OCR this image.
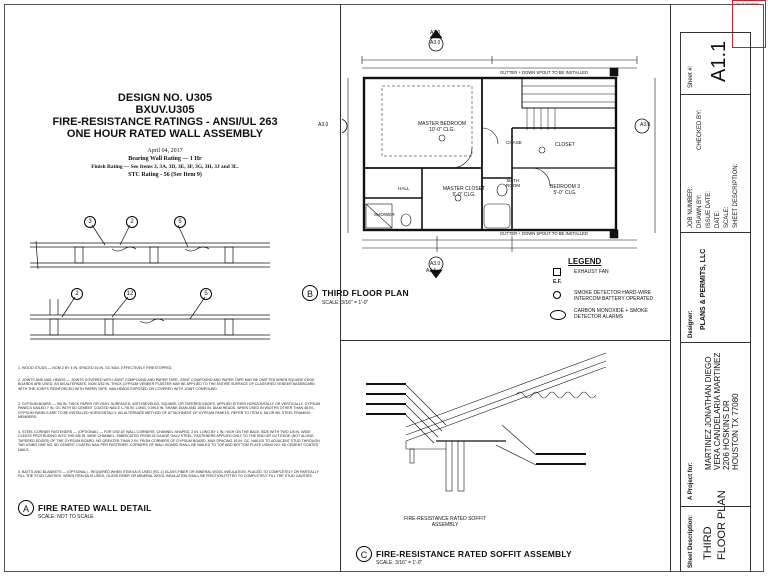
DESIGN NO. U305
BXUV.U305
FIRE-RESISTANCE RATINGS - ANSI/UL 263
ONE HOUR RATED WALL ASSEMBLY
April 04, 2017
Bearing Wall Rating — 1 Hr
Finish Rating — See Items 3, 3A, 3D, 3E, 3F, 3G, 3H, 3J and 3L.
STC Rating - 56 (See Item 9)
3	2	5
2	12	5
1. WOOD STUDS — NOM 2 BY 4 IN. SPACED 16 IN. OC MAX. EFFECTIVELY FIRESTOPPED.
2. JOINTS AND NAIL HEADS — JOINTS COVERED WITH JOINT COMPOUND AND PAPER TAPE. JOINT COMPOUND AND PAPER TAPE MAY BE OMITTED WHEN SQUARE EDGE BOARDS ARE USED. AS AN ALTERNATE, NOM 3/32 IN. THICK GYPSUM VENEER PLASTER MAY BE APPLIED TO THE ENTIRE SURFACE OF CLASSIFIED VENEER BASEBOARD WITH THE JOINTS REINFORCED WITH PAPER TAPE. NAILHEADS EXPOSED OR COVERED WITH JOINT COMPOUND.
3. GYPSUM BOARD — 5/8 IN. THICK PAPER OR VINYL SURFACED, WITH BEVELED, SQUARE, OR TAPERED EDGES, APPLIED EITHER HORIZONTALLY OR VERTICALLY. GYPSUM PANELS NAILED 7 IN. OC WITH 6D CEMENT COATED NAILS 1-7/8 IN. LONG, 0.0915 IN. SHANK DIAM AND 15/64 IN. DIAM HEADS. WHEN USED IN WIDTHS OTHER THAN 48 IN., GYPSUM PANELS ARE TO BE INSTALLED HORIZONTALLY. AN ALTERNATE METHOD OF ATTACHMENT OF GYPSUM PANELS, REFER TO ITEM 6, 6A OR 6B, STEEL FRAMING MEMBERS.
4. STEEL CORNER FASTENERS — (OPTIONAL) — FOR USE AT WALL CORNERS. CHANNEL SHAPED, 2 IN. LONG BY 1 IN. HIGH ON THE BACK SIDE WITH TWO 1/8 IN. WIDE CLEATS PROTRUDING INTO THE 5/8 IN. WIDE CHANNEL, FABRICATED FROM 24 GAUGE GALV STEEL. FASTENERS APPLIED ONLY TO THE END OR CUT EDGE (NOT ALONG TAPERED EDGES) OF THE GYPSUM BOARD, NO GREATER THAN 2 IN. FROM CORNERS OF GYPSUM BOARD, MAX SPACING 16 IN. OC. NAILED TO ADJACENT STUD THROUGH TAB USING ONE NO. 6D CEMENT COATED NAIL PER FASTENER. CORNERS OF WALL BOARD SHALL BE NAILED TO TOP AND BOTTOM PLATE USING NO. 6D CEMENT COATED NAILS.
5. BATTS AND BLANKETS — (OPTIONAL) - REQUIRED WHEN ITEM 6A IS USED (RC-1) GLASS FIBER OR MINERAL WOOL INSULATION. PLACED TO COMPLETELY OR PARTIALLY FILL THE STUD CAVITIES. WHEN ITEM 6A IS USED, GLASS FIBER OR MINERAL WOOL INSULATION SHALL BE FRICTION-FITTED TO COMPLETELY FILL THE STUD CAVITIES.
A	FIRE RATED WALL DETAIL
SCALE: NOT TO SCALE
GUTTER + DOWN SPOUT TO BE INSTALLED
GUTTER + DOWN SPOUT TO BE INSTALLED
MASTER BEDROOM
10'-0" CLG.
MASTER CLOSET
5'-0" CLG.
BATH ROOM	BEDROOM 3
5'-0" CLG.
CLOSET
SHOWER
HALL
CHASE
A3.0
A3.0
A3.0	A3.0
A3.0
A1.1
B	THIRD FLOOR PLAN
SCALE: 3/16" = 1'-0"
LEGEND
EXHAUST FAN
E.F.
SMOKE DETECTOR HARD-WIRE INTERCOM BATTERY OPERATED
CARBON MONOXIDE + SMOKE DETECTOR ALARMS
FIRE-RESISTANCE RATED SOFFIT ASSEMBLY
C	FIRE-RESISTANCE RATED SOFFIT ASSEMBLY
SCALE: 3/16" = 1'-0"
City of Houston
Sheet #: A1.1
JOB NUMBER: DRAWN BY: ISSUE DATE: DATE: SCALE: SHEET DESCRIPTION:
CHECKED BY:
Designer: PLANS & PERMITS, LLC
A Project for:
MARTINEZ JONATHAN DIEGO VERA CANDELARIA MARTINEZ 2206 HOSKINS DR HOUSTON TX 77080
Sheet Description: THIRD FLOOR PLAN
